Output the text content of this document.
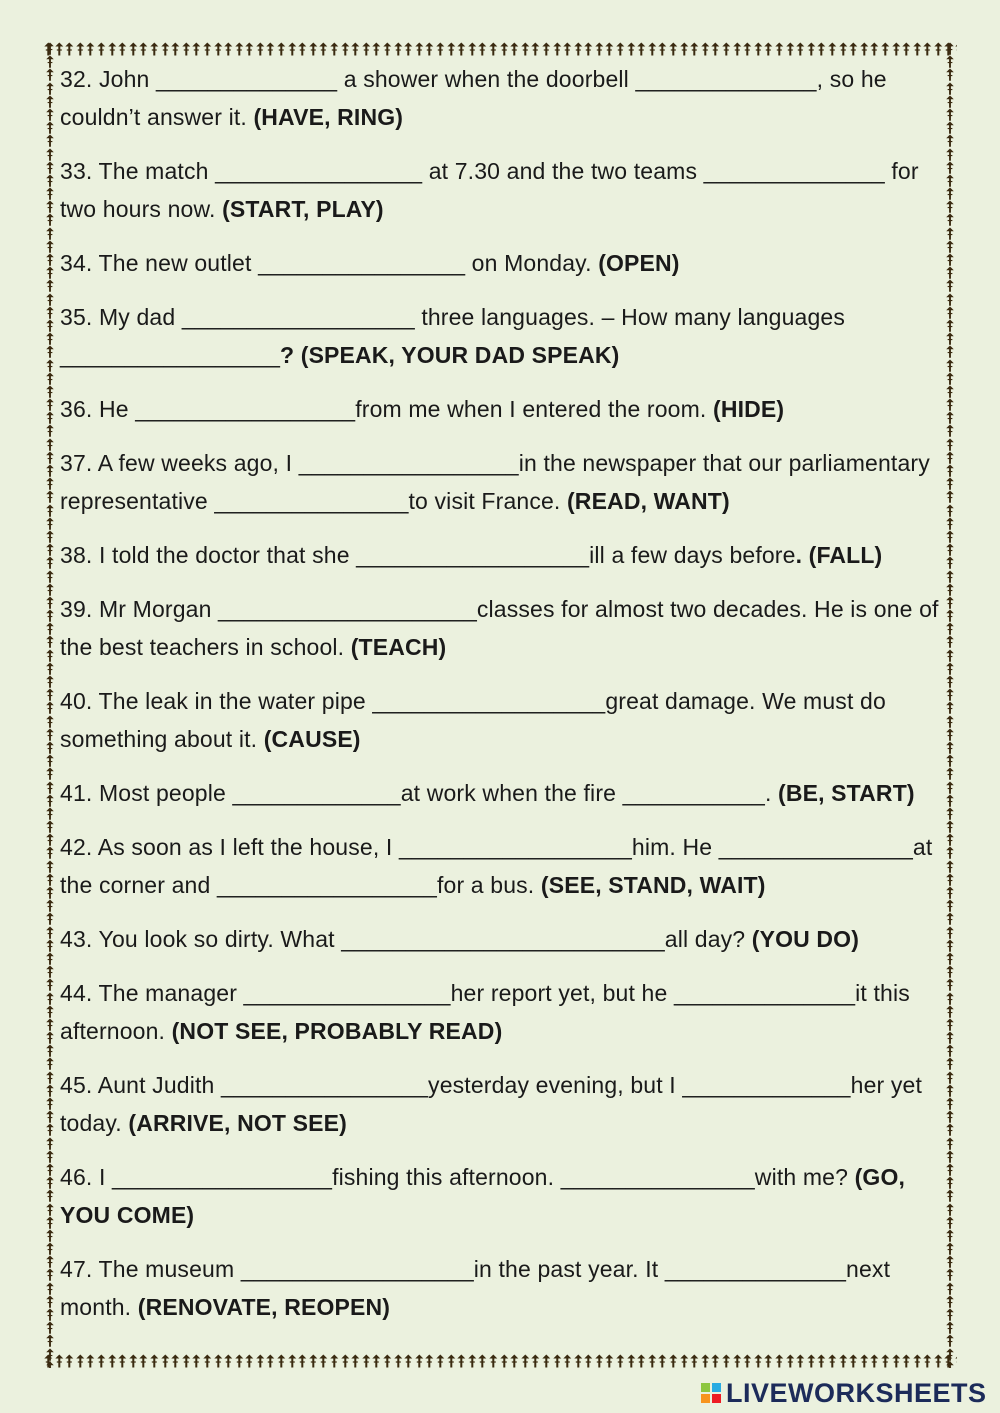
32. John ______________ a shower when the doorbell ______________, so he couldn’t answer it. (HAVE, RING)

33. The match ________________ at 7.30 and the two teams ______________ for two hours now. (START, PLAY)

34. The new outlet ________________ on Monday. (OPEN)

35. My dad __________________ three languages. – How many languages _________________? (SPEAK, YOUR DAD SPEAK)

36. He _________________from me when I entered the room. (HIDE)

37. A few weeks ago, I _________________in the newspaper that our parliamentary representative _______________to visit France. (READ, WANT)

38. I told the doctor that she __________________ill a few days before. (FALL)

39. Mr Morgan ____________________classes for almost two decades. He is one of the best teachers in school. (TEACH)

40. The leak in the water pipe __________________great damage. We must do something about it. (CAUSE)

41. Most people _____________at work when the fire ___________. (BE, START)

42. As soon as I left the house, I __________________him. He _______________at the corner and _________________for a bus. (SEE, STAND, WAIT)

43. You look so dirty. What _________________________all day? (YOU DO)

44. The manager ________________her report yet, but he ______________it this afternoon. (NOT SEE, PROBABLY READ)

45. Aunt Judith ________________yesterday evening, but I _____________her yet today. (ARRIVE, NOT SEE)

46. I _________________fishing this afternoon. _______________with me? (GO, YOU COME)

47. The museum __________________in the past year. It ______________next month. (RENOVATE, REOPEN)

LIVEWORKSHEETS
